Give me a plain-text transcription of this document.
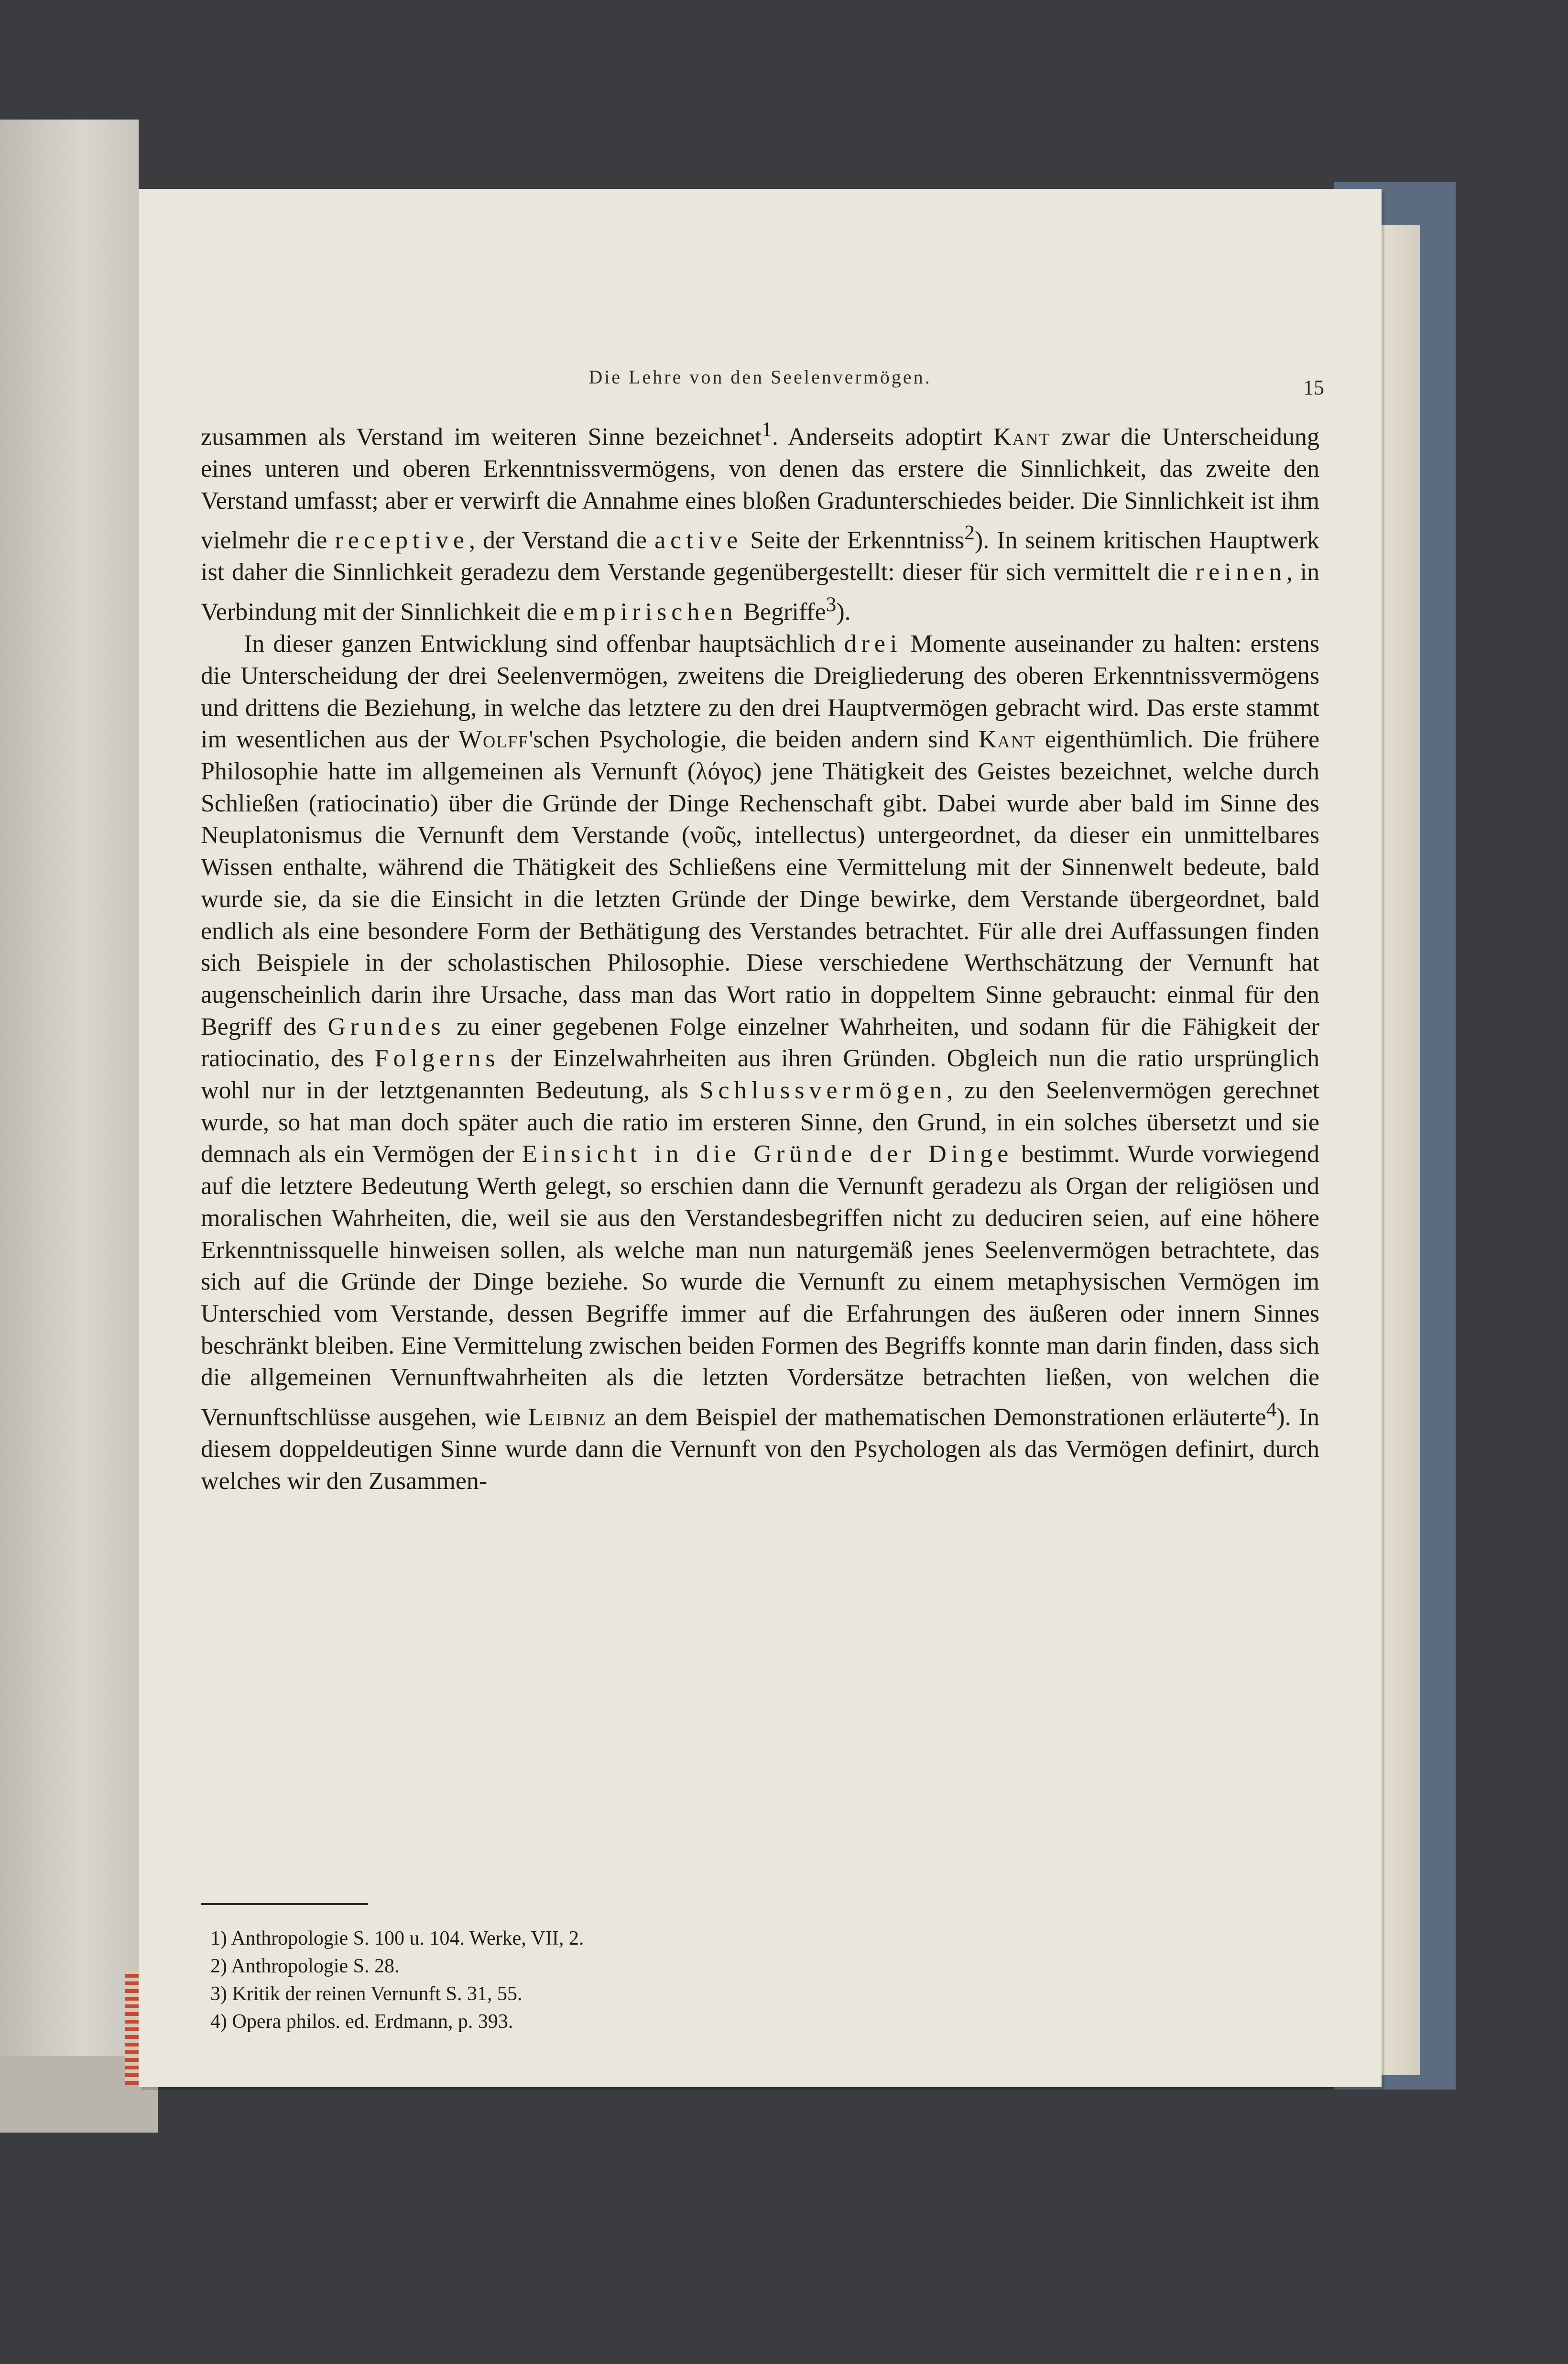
Die Lehre von den Seelenvermögen.	15

zusammen als Verstand im weiteren Sinne bezeichnet$^1$. Anderseits adoptirt Kant zwar die Unterscheidung eines unteren und oberen Erkenntnissvermögens, von denen das erstere die Sinnlichkeit, das zweite den Verstand umfasst; aber er verwirft die Annahme eines bloßen Gradunterschiedes beider. Die Sinnlichkeit ist ihm vielmehr die receptive, der Verstand die active Seite der Erkenntniss$^2$). In seinem kritischen Hauptwerk ist daher die Sinnlichkeit geradezu dem Verstande gegenübergestellt: dieser für sich vermittelt die reinen, in Verbindung mit der Sinnlichkeit die empirischen Begriffe$^3$).

In dieser ganzen Entwicklung sind offenbar hauptsächlich drei Momente auseinander zu halten: erstens die Unterscheidung der drei Seelenvermögen, zweitens die Dreigliederung des oberen Erkenntnissvermögens und drittens die Beziehung, in welche das letztere zu den drei Hauptvermögen gebracht wird. Das erste stammt im wesentlichen aus der Wolff'schen Psychologie, die beiden andern sind Kant eigenthümlich. Die frühere Philosophie hatte im allgemeinen als Vernunft (λόγος) jene Thätigkeit des Geistes bezeichnet, welche durch Schließen (ratiocinatio) über die Gründe der Dinge Rechenschaft gibt. Dabei wurde aber bald im Sinne des Neuplatonismus die Vernunft dem Verstande (νοῦς, intellectus) untergeordnet, da dieser ein unmittelbares Wissen enthalte, während die Thätigkeit des Schließens eine Vermittelung mit der Sinnenwelt bedeute, bald wurde sie, da sie die Einsicht in die letzten Gründe der Dinge bewirke, dem Verstande übergeordnet, bald endlich als eine besondere Form der Bethätigung des Verstandes betrachtet. Für alle drei Auffassungen finden sich Beispiele in der scholastischen Philosophie. Diese verschiedene Werthschätzung der Vernunft hat augenscheinlich darin ihre Ursache, dass man das Wort ratio in doppeltem Sinne gebraucht: einmal für den Begriff des Grundes zu einer gegebenen Folge einzelner Wahrheiten, und sodann für die Fähigkeit der ratiocinatio, des Folgerns der Einzelwahrheiten aus ihren Gründen. Obgleich nun die ratio ursprünglich wohl nur in der letztgenannten Bedeutung, als Schlussvermögen, zu den Seelenvermögen gerechnet wurde, so hat man doch später auch die ratio im ersteren Sinne, den Grund, in ein solches übersetzt und sie demnach als ein Vermögen der Einsicht in die Gründe der Dinge bestimmt. Wurde vorwiegend auf die letztere Bedeutung Werth gelegt, so erschien dann die Vernunft geradezu als Organ der religiösen und moralischen Wahrheiten, die, weil sie aus den Verstandesbegriffen nicht zu deduciren seien, auf eine höhere Erkenntnissquelle hinweisen sollen, als welche man nun naturgemäß jenes Seelenvermögen betrachtete, das sich auf die Gründe der Dinge beziehe. So wurde die Vernunft zu einem metaphysischen Vermögen im Unterschied vom Verstande, dessen Begriffe immer auf die Erfahrungen des äußeren oder innern Sinnes beschränkt bleiben. Eine Vermittelung zwischen beiden Formen des Begriffs konnte man darin finden, dass sich die allgemeinen Vernunftwahrheiten als die letzten Vordersätze betrachten ließen, von welchen die Vernunftschlüsse ausgehen, wie Leibniz an dem Beispiel der mathematischen Demonstrationen erläuterte$^4$). In diesem doppeldeutigen Sinne wurde dann die Vernunft von den Psychologen als das Vermögen definirt, durch welches wir den Zusammen-

1) Anthropologie S. 100 u. 104. Werke, VII, 2.
2) Anthropologie S. 28.
3) Kritik der reinen Vernunft S. 31, 55.
4) Opera philos. ed. Erdmann, p. 393.
